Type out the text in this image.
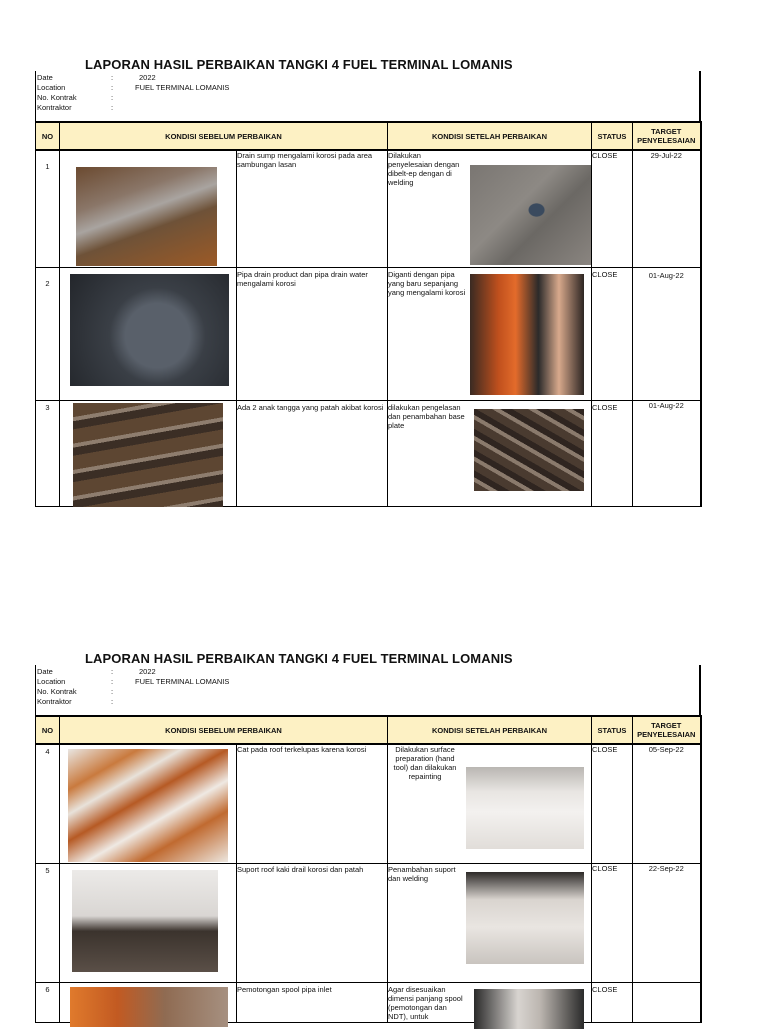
LAPORAN HASIL PERBAIKAN TANGKI 4 FUEL TERMINAL LOMANIS
Date	:	2022
Location	:	FUEL TERMINAL LOMANIS
No. Kontrak	:
Kontraktor	:
NO	KONDISI SEBELUM PERBAIKAN		KONDISI SETELAH PERBAIKAN	STATUS	TARGET PENYELESAIAN

1		Drain sump mengalami korosi pada area sambungan lasan	Dilakukan penyelesaian dengan dibelt-ep dengan di welding	CLOSE	29-Jul-22

2		Pipa drain product dan pipa drain water mengalami korosi	Diganti dengan pipa yang baru sepanjang yang mengalami korosi	CLOSE	01-Aug-22

3		Ada 2 anak tangga yang patah akibat korosi	dilakukan pengelasan dan penambahan base plate	CLOSE	01-Aug-22
LAPORAN HASIL PERBAIKAN TANGKI 4 FUEL TERMINAL LOMANIS
Date	:	2022
Location	:	FUEL TERMINAL LOMANIS
No. Kontrak	:
Kontraktor	:
NO	KONDISI SEBELUM PERBAIKAN		KONDISI SETELAH PERBAIKAN	STATUS	TARGET PENYELESAIAN

4		Cat pada roof terkelupas karena korosi	Dilakukan surface preparation (hand tool) dan dilakukan repainting	CLOSE	05-Sep-22

5		Suport roof kaki drail korosi dan patah	Penambahan suport dan welding	CLOSE	22-Sep-22

6		Pemotongan spool pipa inlet	Agar disesuaikan dimensi panjang spool (pemotongan dan NDT), untuk	CLOSE	
